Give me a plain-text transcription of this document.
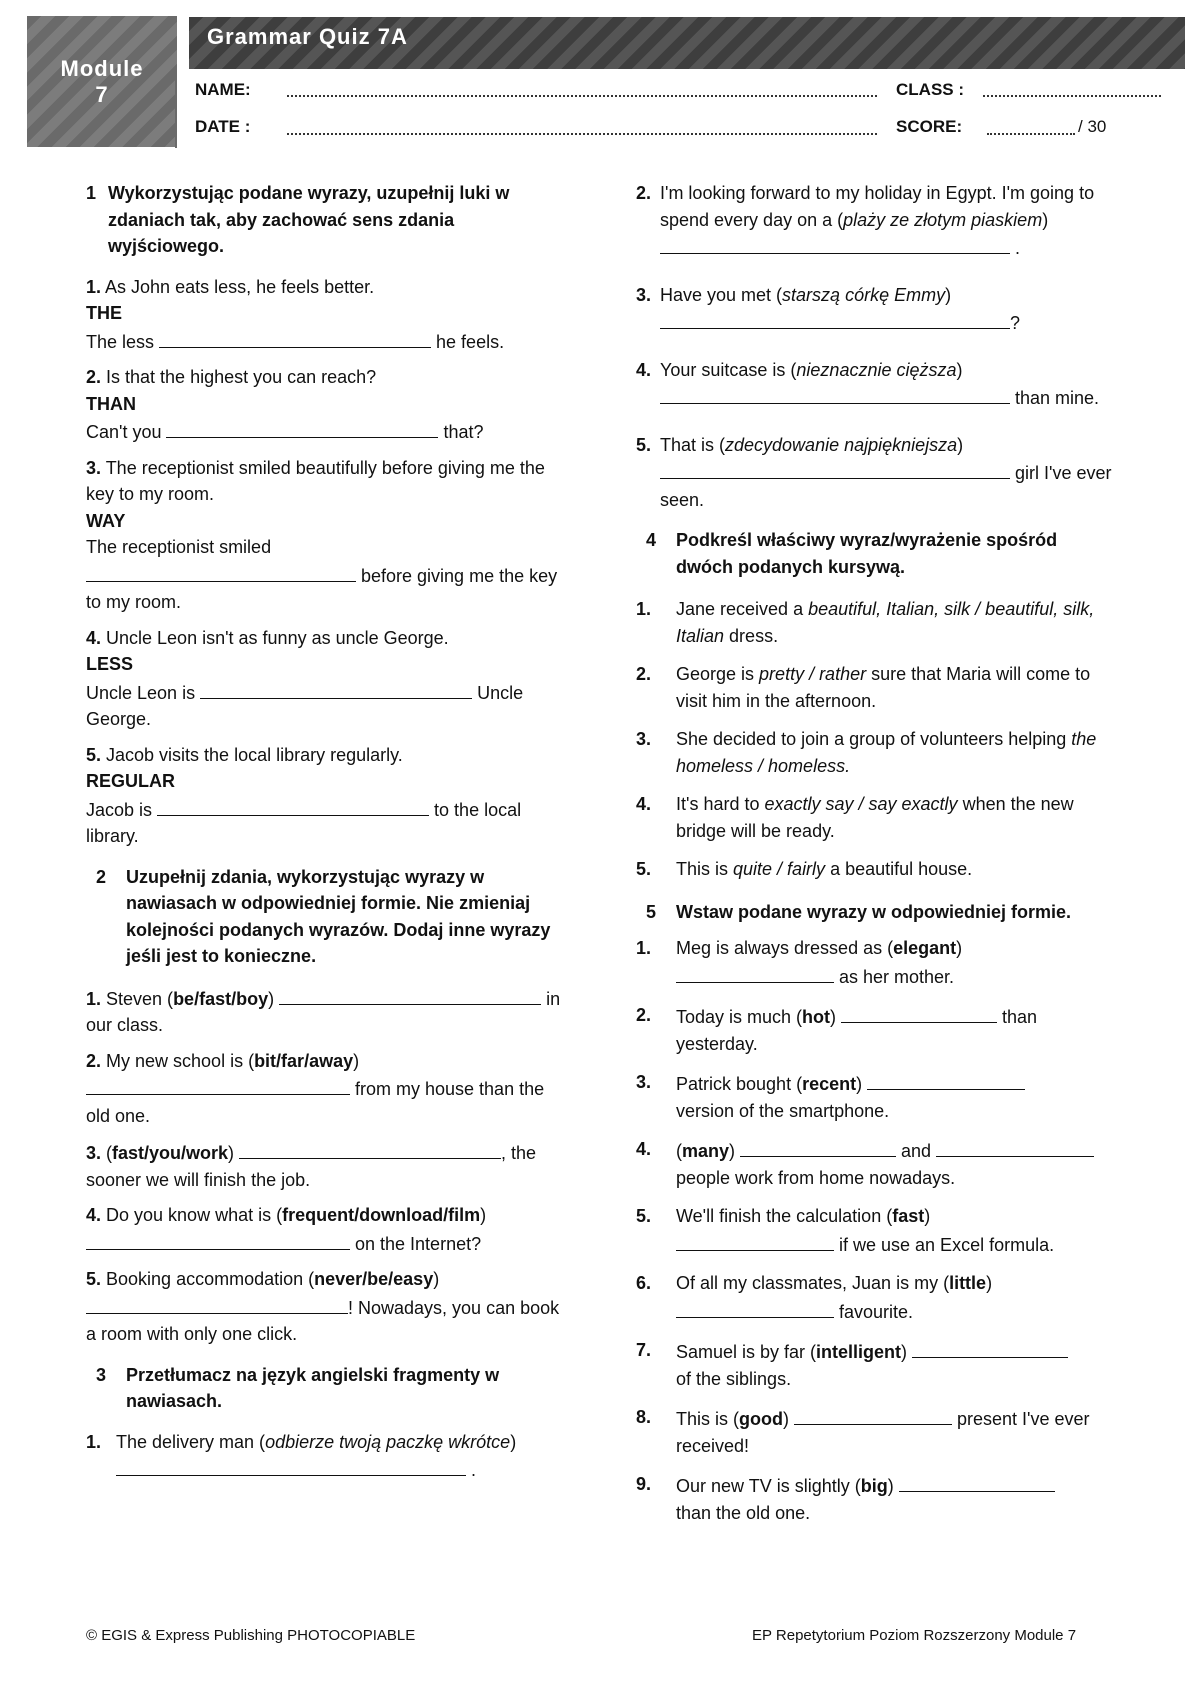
Module
7
Grammar Quiz 7A
NAME:	CLASS :
DATE :	SCORE:	/ 30
1 Wykorzystując podane wyrazy, uzupełnij luki w zdaniach tak, aby zachować sens zdania wyjściowego.

1. As John eats less, he feels better.

THE

The less	he feels.

2. Is that the highest you can reach?

THAN

Can't you	that?

3. The receptionist smiled beautifully before giving me the key to my room.

WAY

The receptionist smiled

before giving me the key to my room.

4. Uncle Leon isn't as funny as uncle George.

LESS

Uncle Leon is	Uncle George.

5. Jacob visits the local library regularly.

REGULAR

Jacob is	to the local library.

2	Uzupełnij zdania, wykorzystując wyrazy w nawiasach w odpowiedniej formie. Nie zmieniaj kolejności podanych wyrazów. Dodaj inne wyrazy jeśli jest to konieczne.
1. Steven (be/fast/boy)	in our class.
2. My new school is (bit/far/away)
from my house than the old one.
3. (fast/you/work)	, the sooner we will finish the job.
4. Do you know what is (frequent/download/film)
on the Internet?
5. Booking accommodation (never/be/easy)
! Nowadays, you can book a room with only one click.
3	Przetłumacz na język angielski fragmenty w nawiasach.
1. The delivery man (odbierze twoją paczkę wkrótce)
.
2. I'm looking forward to my holiday in Egypt. I'm going to spend every day on a (plaży ze złotym piaskiem)  .
3. Have you met (starszą córkę Emmy)
?
4. Your suitcase is (nieznacznie cięższa)
than mine.
5. That is (zdecydowanie najpiękniejsza)
girl I've ever seen.
4	Podkreśl właściwy wyraz/wyrażenie spośród dwóch podanych kursywą.
1.	Jane received a beautiful, Italian, silk / beautiful, silk, Italian dress.
2.	George is pretty / rather sure that Maria will come to visit him in the afternoon.
3.	She decided to join a group of volunteers helping the homeless / homeless.
4.	It's hard to exactly say / say exactly when the new bridge will be ready.
5.	This is quite / fairly a beautiful house.
5	Wstaw podane wyrazy w odpowiedniej formie.
1.	Meg is always dressed as (elegant)
as her mother.
2.	Today is much (hot)	than yesterday.
3.	Patrick bought (recent)
version of the smartphone.
4.	(many)	and
people work from home nowadays.
5.	We'll finish the calculation (fast)
if we use an Excel formula.
6.	Of all my classmates, Juan is my (little)
favourite.
7.	Samuel is by far (intelligent)
of the siblings.
8.	This is (good)	present I've ever received!
9.	Our new TV is slightly (big)
than the old one.
© EGIS & Express Publishing PHOTOCOPIABLE	EP Repetytorium Poziom Rozszerzony Module 7
